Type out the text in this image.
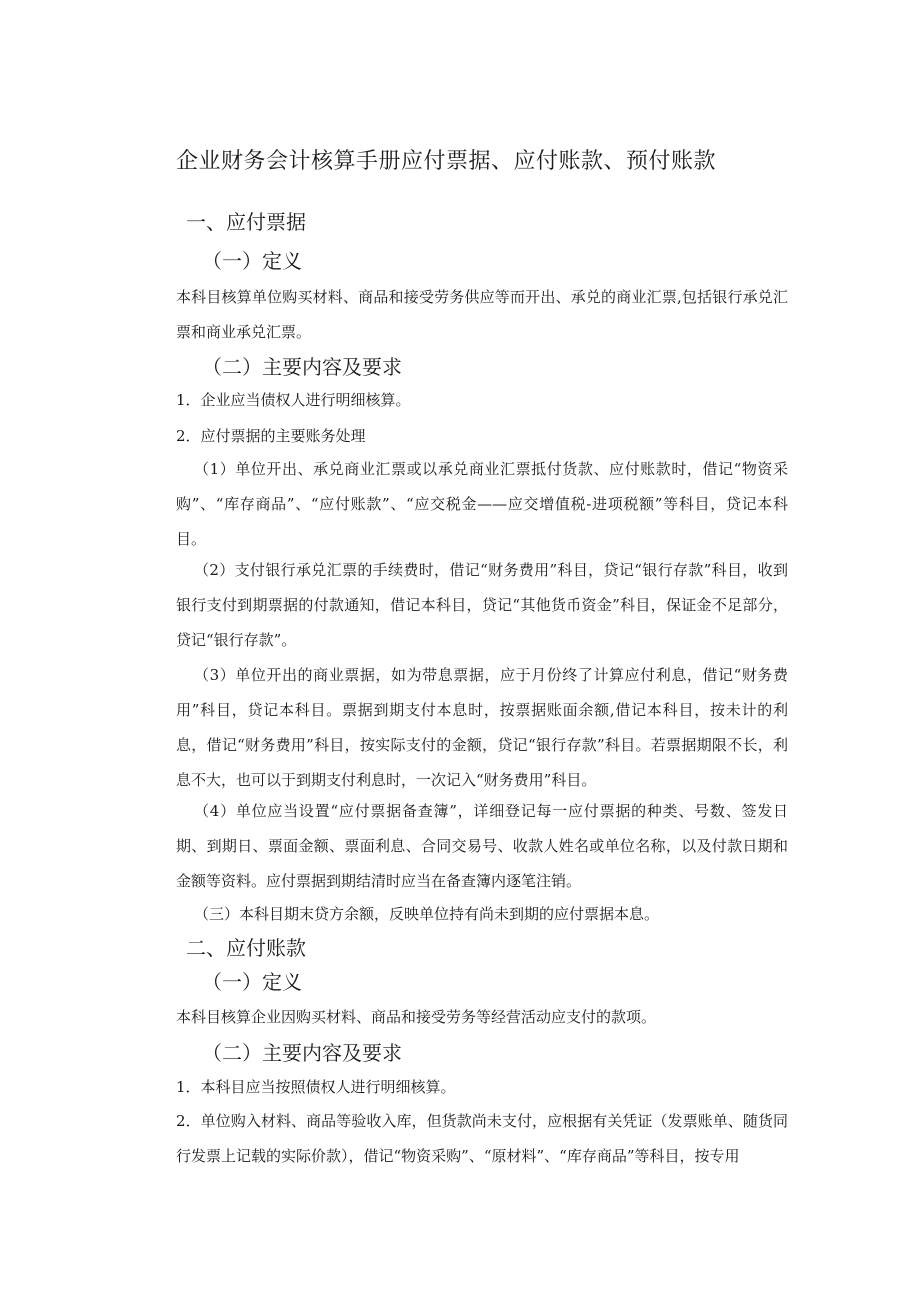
企业财务会计核算手册应付票据、应付账款、预付账款
一、应付票据
（一）定义

本科目核算单位购买材料、商品和接受劳务供应等而开出、承兑的商业汇票,包括银行承兑汇票和商业承兑汇票。

（二）主要内容及要求

1．企业应当债权人进行明细核算。

2．应付票据的主要账务处理

（1）单位开出、承兑商业汇票或以承兑商业汇票抵付货款、应付账款时，借记“物资采购”、“库存商品”、“应付账款”、“应交税金——应交增值税-进项税额”等科目，贷记本科目。

（2）支付银行承兑汇票的手续费时，借记“财务费用”科目，贷记“银行存款”科目，收到银行支付到期票据的付款通知，借记本科目，贷记“其他货币资金”科目，保证金不足部分，贷记“银行存款”。

（3）单位开出的商业票据，如为带息票据，应于月份终了计算应付利息，借记“财务费用”科目，贷记本科目。票据到期支付本息时，按票据账面余额,借记本科目，按未计的利息，借记“财务费用”科目，按实际支付的金额，贷记“银行存款”科目。若票据期限不长，利息不大，也可以于到期支付利息时，一次记入“财务费用”科目。

（4）单位应当设置“应付票据备查簿”，详细登记每一应付票据的种类、号数、签发日期、到期日、票面金额、票面利息、合同交易号、收款人姓名或单位名称，以及付款日期和金额等资料。应付票据到期结清时应当在备查簿内逐笔注销。

（三）本科目期末贷方余额，反映单位持有尚未到期的应付票据本息。

二、应付账款
（一）定义

本科目核算企业因购买材料、商品和接受劳务等经营活动应支付的款项。

（二）主要内容及要求

1．本科目应当按照债权人进行明细核算。

2．单位购入材料、商品等验收入库，但货款尚未支付，应根据有关凭证（发票账单、随货同行发票上记载的实际价款），借记“物资采购”、“原材料”、“库存商品”等科目，按专用
